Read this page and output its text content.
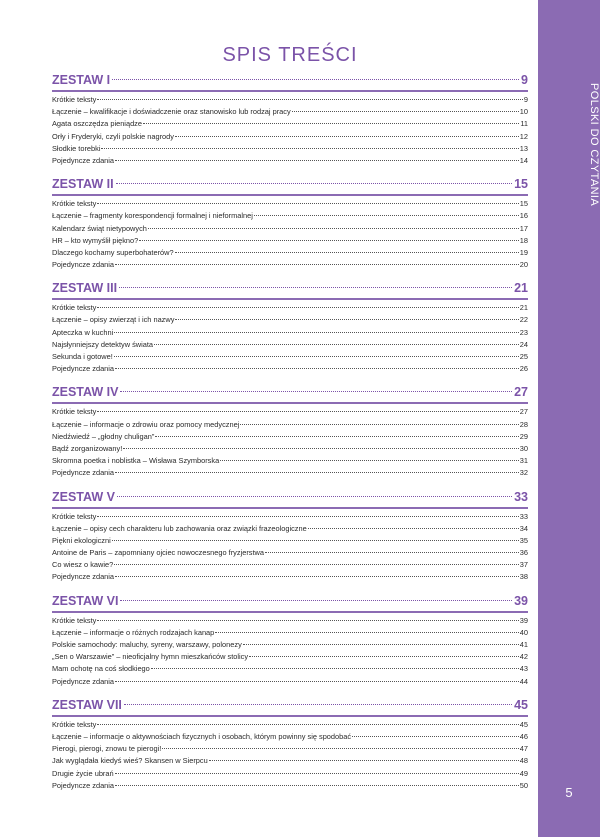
POLSKI DO CZYTANIA
5
SPIS TREŚCI
ZESTAW I	9
Krótkie teksty	9
Łączenie – kwalifikacje i doświadczenie oraz stanowisko lub rodzaj pracy	10
Agata oszczędza pieniądze	11
Orły i Fryderyki, czyli polskie nagrody	12
Słodkie torebki	13
Pojedyncze zdania	14
ZESTAW II	15
Krótkie teksty	15
Łączenie – fragmenty korespondencji formalnej i nieformalnej	16
Kalendarz świąt nietypowych	17
HR – kto wymyślił piękno?	18
Dlaczego kochamy superbohaterów?	19
Pojedyncze zdania	20
ZESTAW III	21
Krótkie teksty	21
Łączenie – opisy zwierząt i ich nazwy	22
Apteczka w kuchni	23
Najsłynniejszy detektyw świata	24
Sekunda i gotowe!	25
Pojedyncze zdania	26
ZESTAW IV	27
Krótkie teksty	27
Łączenie – informacje o zdrowiu oraz pomocy medycznej	28
Niedźwiedź – „głodny chuligan”	29
Bądź zorganizowany!	30
Skromna poetka i noblistka – Wisława Szymborska	31
Pojedyncze zdania	32
ZESTAW V	33
Krótkie teksty	33
Łączenie – opisy cech charakteru lub zachowania oraz związki frazeologiczne	34
Piękni ekologiczni	35
Antoine de Paris – zapomniany ojciec nowoczesnego fryzjerstwa	36
Co wiesz o kawie?	37
Pojedyncze zdania	38
ZESTAW VI	39
Krótkie teksty	39
Łączenie – informacje o różnych rodzajach kanap	40
Polskie samochody: maluchy, syreny, warszawy, polonezy	41
„Sen o Warszawie” – nieoficjalny hymn mieszkańców stolicy	42
Mam ochotę na coś słodkiego	43
Pojedyncze zdania	44
ZESTAW VII	45
Krótkie teksty	45
Łączenie – informacje o aktywnościach fizycznych i osobach, którym powinny się spodobać	46
Pierogi, pierogi, znowu te pierogi!	47
Jak wyglądała kiedyś wieś? Skansen w Sierpcu	48
Drugie życie ubrań	49
Pojedyncze zdania	50
